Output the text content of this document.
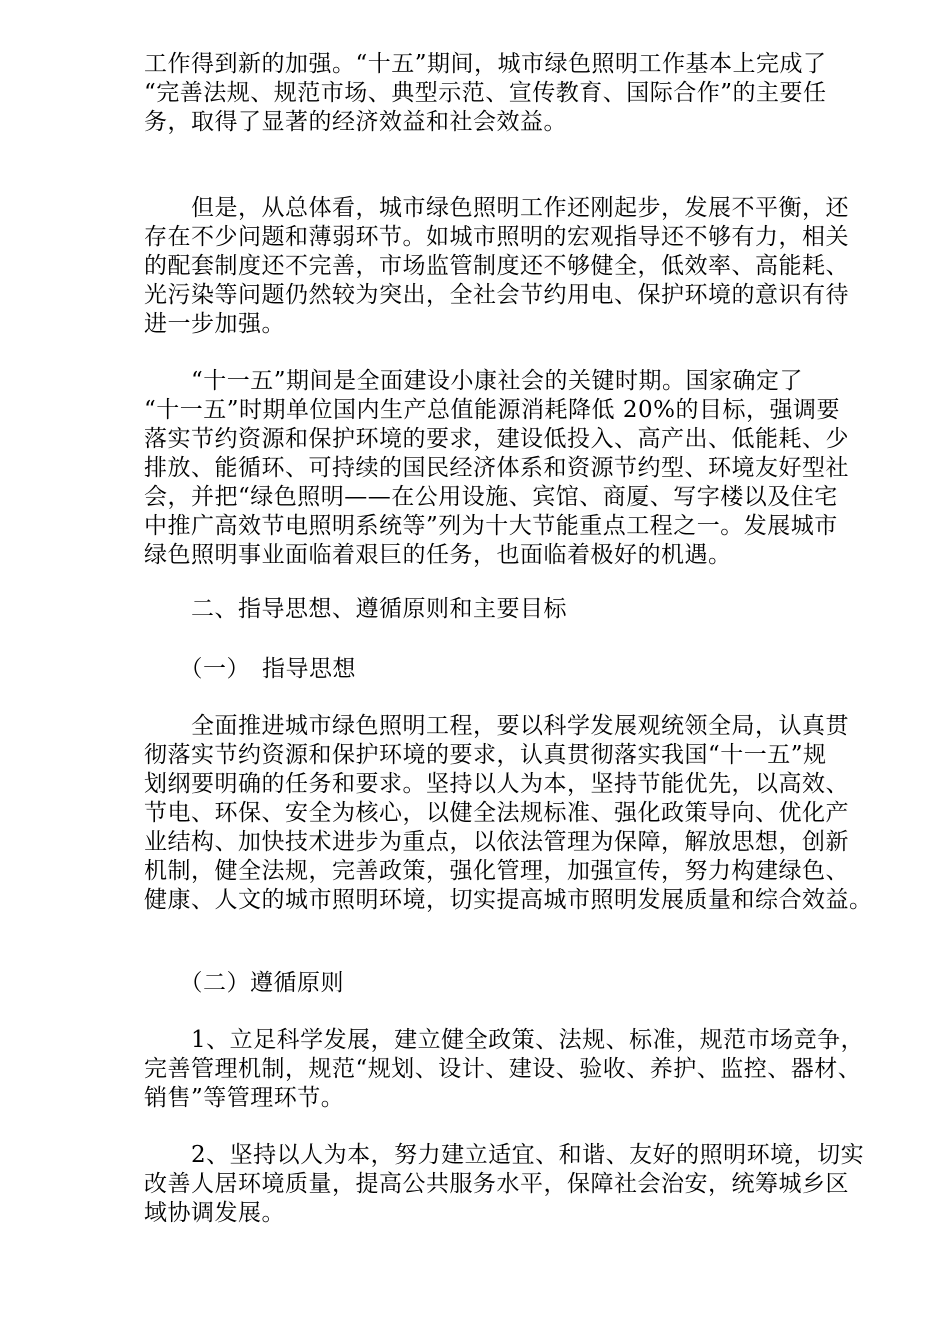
工作得到新的加强。“十五”期间，城市绿色照明工作基本上完成了
“完善法规、规范市场、典型示范、宣传教育、国际合作”的主要任
务，取得了显著的经济效益和社会效益。
　　但是，从总体看，城市绿色照明工作还刚起步，发展不平衡，还
存在不少问题和薄弱环节。如城市照明的宏观指导还不够有力，相关
的配套制度还不完善，市场监管制度还不够健全，低效率、高能耗、
光污染等问题仍然较为突出，全社会节约用电、保护环境的意识有待
进一步加强。
　　“十一五”期间是全面建设小康社会的关键时期。国家确定了
“十一五”时期单位国内生产总值能源消耗降低 20%的目标，强调要
落实节约资源和保护环境的要求，建设低投入、高产出、低能耗、少
排放、能循环、可持续的国民经济体系和资源节约型、环境友好型社
会，并把“绿色照明——在公用设施、宾馆、商厦、写字楼以及住宅
中推广高效节电照明系统等”列为十大节能重点工程之一。发展城市
绿色照明事业面临着艰巨的任务，也面临着极好的机遇。
　　二、指导思想、遵循原则和主要目标
　　（一）　指导思想
　　全面推进城市绿色照明工程，要以科学发展观统领全局，认真贯
彻落实节约资源和保护环境的要求，认真贯彻落实我国“十一五”规
划纲要明确的任务和要求。坚持以人为本，坚持节能优先，以高效、
节电、环保、安全为核心，以健全法规标准、强化政策导向、优化产
业结构、加快技术进步为重点，以依法管理为保障，解放思想，创新
机制，健全法规，完善政策，强化管理，加强宣传，努力构建绿色、
健康、人文的城市照明环境，切实提高城市照明发展质量和综合效益。
　　（二）遵循原则
　　1、立足科学发展，建立健全政策、法规、标准，规范市场竞争，
完善管理机制，规范“规划、设计、建设、验收、养护、监控、器材、
销售”等管理环节。
　　2、坚持以人为本，努力建立适宜、和谐、友好的照明环境，切实
改善人居环境质量，提高公共服务水平，保障社会治安，统筹城乡区
域协调发展。
